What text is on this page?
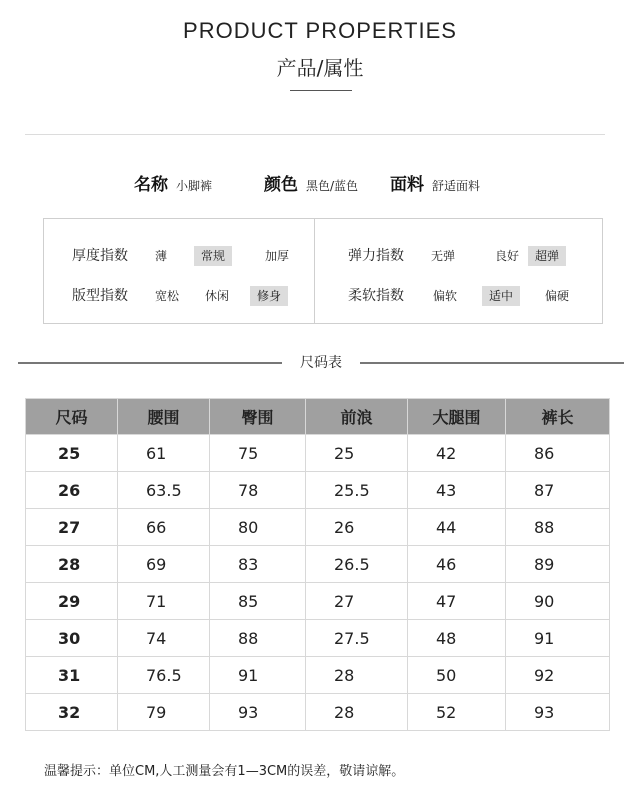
PRODUCT PROPERTIES
产品/属性
名称 小脚裤	颜色 黑色/蓝色 面料 舒适面料
厚度指数	薄	常规	加厚
版型指数	宽松	休闲	修身
弹力指数	无弹	良好	超弹
柔软指数	偏软	适中	偏硬
尺码表
尺码	腰围	臀围	前浪	大腿围	裤长
25	61	75	25	42	86
26	63.5	78	25.5	43	87
27	66	80	26	44	88
28	69	83	26.5	46	89
29	71	85	27	47	90
30	74	88	27.5	48	91
31	76.5	91	28	50	92
32	79	93	28	52	93
温馨提示：单位CM,人工测量会有1—3CM的误差，敬请谅解。
